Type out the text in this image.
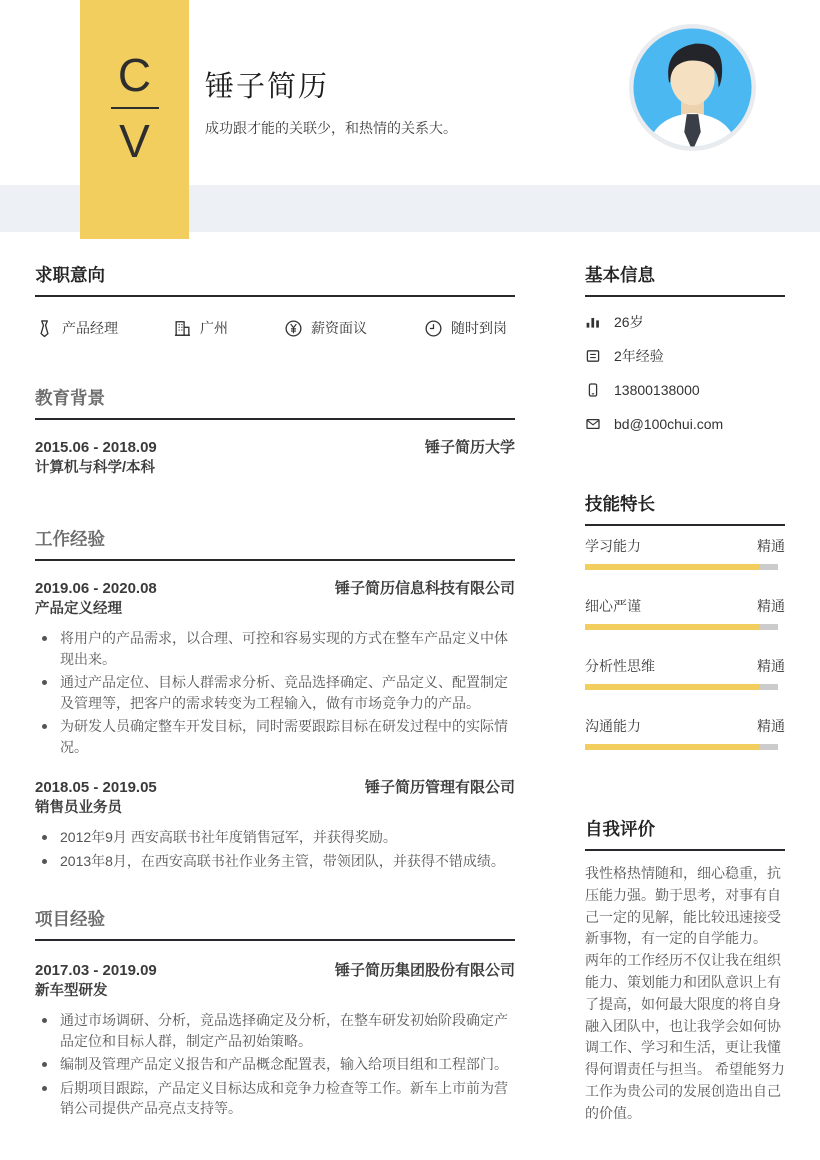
C
V
锤子简历
成功跟才能的关联少，和热情的关系大。
求职意向
产品经理	广州	薪资面议	随时到岗
教育背景
2015.06 - 2018.09	锤子简历大学
计算机与科学/本科
工作经验
2019.06 - 2020.08	锤子简历信息科技有限公司
产品定义经理
将用户的产品需求，以合理、可控和容易实现的方式在整车产品定义中体现出来。
通过产品定位、目标人群需求分析、竞品选择确定、产品定义、配置制定及管理等，把客户的需求转变为工程输入，做有市场竞争力的产品。
为研发人员确定整车开发目标，同时需要跟踪目标在研发过程中的实际情况。
2018.05 - 2019.05	锤子简历管理有限公司
销售员业务员
2012年9月 西安高联书社年度销售冠军，并获得奖励。
2013年8月，在西安高联书社作业务主管，带领团队，并获得不错成绩。
项目经验
2017.03 - 2019.09	锤子简历集团股份有限公司
新车型研发
通过市场调研、分析，竞品选择确定及分析，在整车研发初始阶段确定产品定位和目标人群，制定产品初始策略。
编制及管理产品定义报告和产品概念配置表，输入给项目组和工程部门。
后期项目跟踪，产品定义目标达成和竞争力检查等工作。新车上市前为营销公司提供产品亮点支持等。
基本信息
26岁
2年经验
13800138000
bd@100chui.com
技能特长
学习能力	精通
细心严谨	精通
分析性思维	精通
沟通能力	精通
自我评价

我性格热情随和，细心稳重，抗压能力强。勤于思考，对事有自己一定的见解，能比较迅速接受新事物，有一定的自学能力。

两年的工作经历不仅让我在组织能力、策划能力和团队意识上有了提高，如何最大限度的将自身融入团队中，也让我学会如何协调工作、学习和生活，更让我懂得何谓责任与担当。 希望能努力工作为贵公司的发展创造出自己的价值。
